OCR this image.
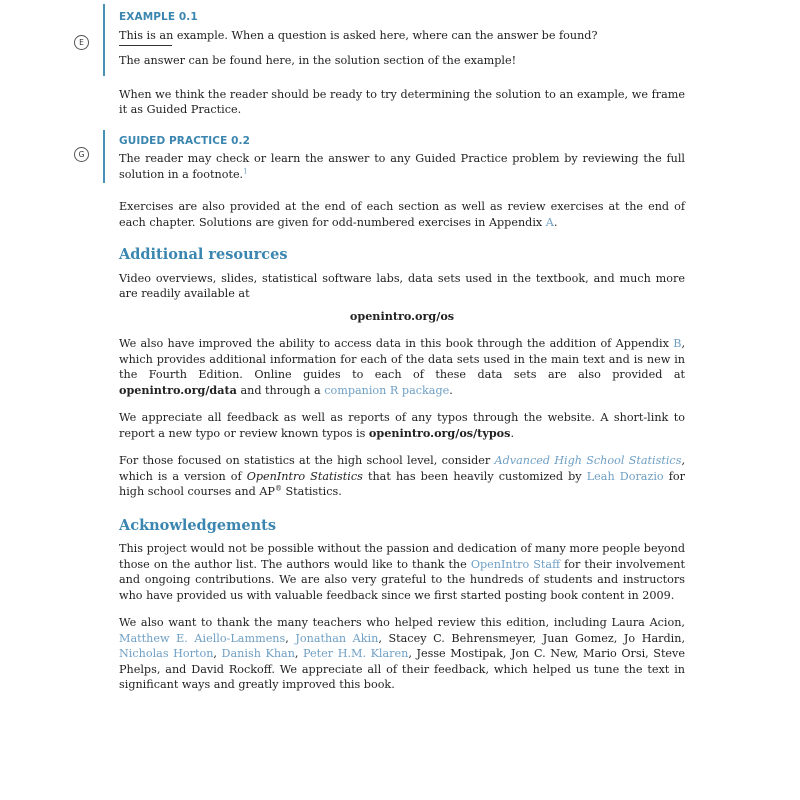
E
EXAMPLE 0.1

This is an example. When a question is asked here, where can the answer be found?

The answer can be found here, in the solution section of the example!

When we think the reader should be ready to try determining the solution to an example, we frame it as Guided Practice.

G
GUIDED PRACTICE 0.2

The reader may check or learn the answer to any Guided Practice problem by reviewing the full solution in a footnote.$^1$

Exercises are also provided at the end of each section as well as review exercises at the end of each chapter. Solutions are given for odd-numbered exercises in Appendix A.

Additional resources

Video overviews, slides, statistical software labs, data sets used in the textbook, and much more are readily available at

openintro.org/os

We also have improved the ability to access data in this book through the addition of Appendix B, which provides additional information for each of the data sets used in the main text and is new in the Fourth Edition. Online guides to each of these data sets are also provided at openintro.org/data and through a companion R package.

We appreciate all feedback as well as reports of any typos through the website. A short-link to report a new typo or review known typos is openintro.org/os/typos.

For those focused on statistics at the high school level, consider Advanced High School Statistics, which is a version of OpenIntro Statistics that has been heavily customized by Leah Dorazio for high school courses and AP® Statistics.

Acknowledgements

This project would not be possible without the passion and dedication of many more people beyond those on the author list. The authors would like to thank the OpenIntro Staff for their involvement and ongoing contributions. We are also very grateful to the hundreds of students and instructors who have provided us with valuable feedback since we first started posting book content in 2009.

We also want to thank the many teachers who helped review this edition, including Laura Acion, Matthew E. Aiello-Lammens, Jonathan Akin, Stacey C. Behrensmeyer, Juan Gomez, Jo Hardin, Nicholas Horton, Danish Khan, Peter H.M. Klaren, Jesse Mostipak, Jon C. New, Mario Orsi, Steve Phelps, and David Rockoff. We appreciate all of their feedback, which helped us tune the text in significant ways and greatly improved this book.
